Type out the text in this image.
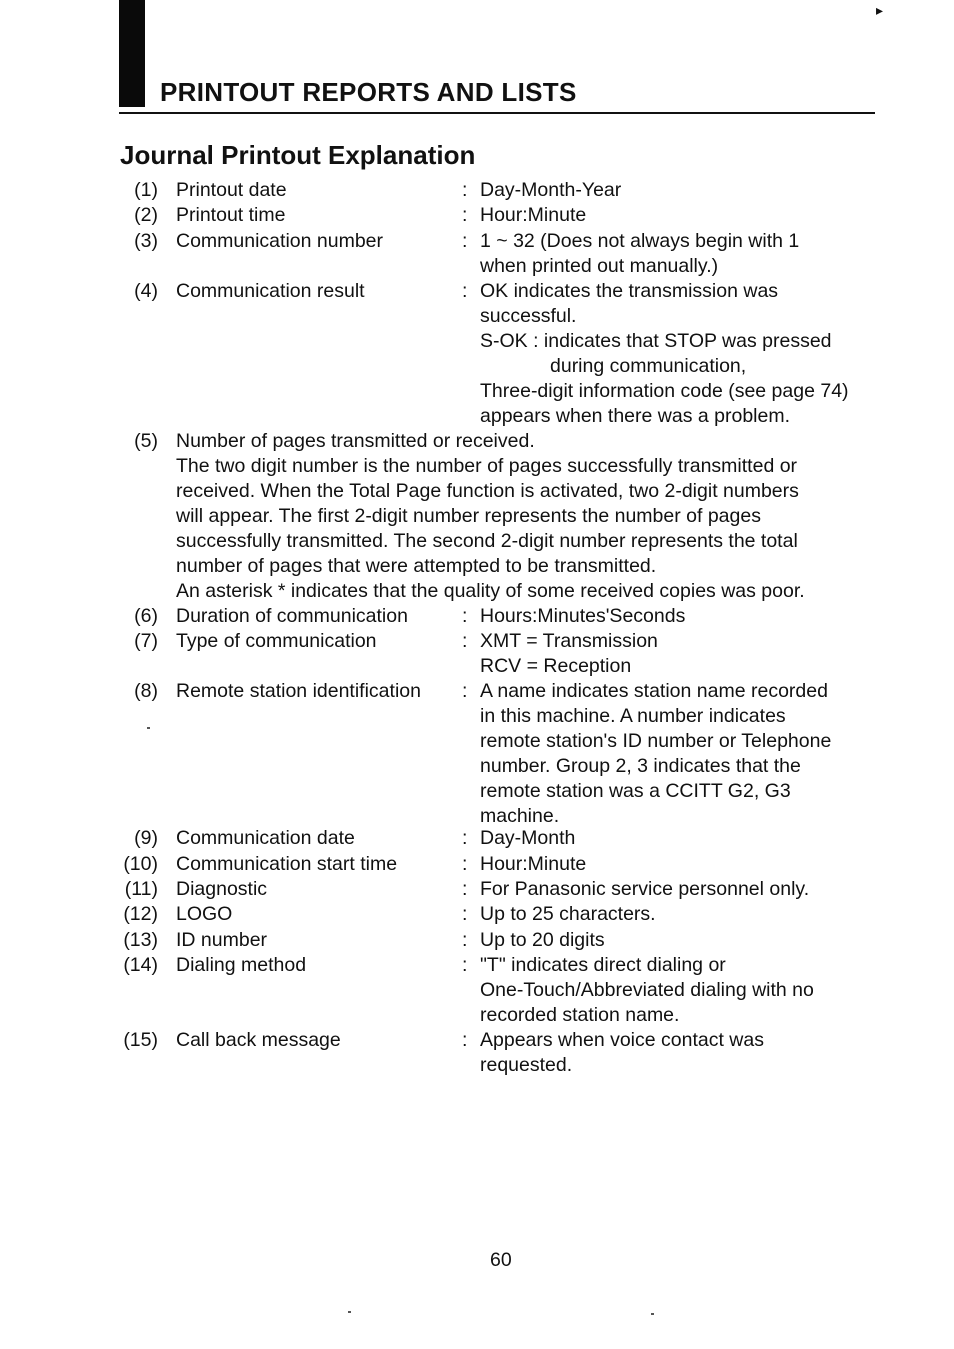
▸
PRINTOUT REPORTS AND LISTS
Journal Printout Explanation
(1) Printout date	: Day-Month-Year
(2) Printout time	: Hour:Minute
(3) Communication number	: 1 ~ 32 (Does not always begin with 1
when printed out manually.)
(4) Communication result	: OK indicates the transmission was
successful.
S-OK : indicates that STOP was pressed
during communication,
Three-digit information code (see page 74)
appears when there was a problem.
(5) Number of pages transmitted or received.
The two digit number is the number of pages successfully transmitted or
received. When the Total Page function is activated, two 2-digit numbers
will appear. The first 2-digit number represents the number of pages
successfully transmitted. The second 2-digit number represents the total
number of pages that were attempted to be transmitted.
An asterisk * indicates that the quality of some received copies was poor.
(6) Duration of communication	: Hours:Minutes'Seconds
(7) Type of communication	: XMT = Transmission
RCV = Reception
(8) Remote station identification : A name indicates station name recorded
in this machine. A number indicates
remote station's ID number or Telephone
number. Group 2, 3 indicates that the
remote station was a CCITT G2, G3
machine.
(9) Communication date	: Day-Month
(10) Communication start time	: Hour:Minute
(11) Diagnostic	: For Panasonic service personnel only.
(12) LOGO	: Up to 25 characters.
(13) ID number	: Up to 20 digits
(14) Dialing method	: "T" indicates direct dialing or
One-Touch/Abbreviated dialing with no
recorded station name.
(15) Call back message	: Appears when voice contact was
requested.
60
